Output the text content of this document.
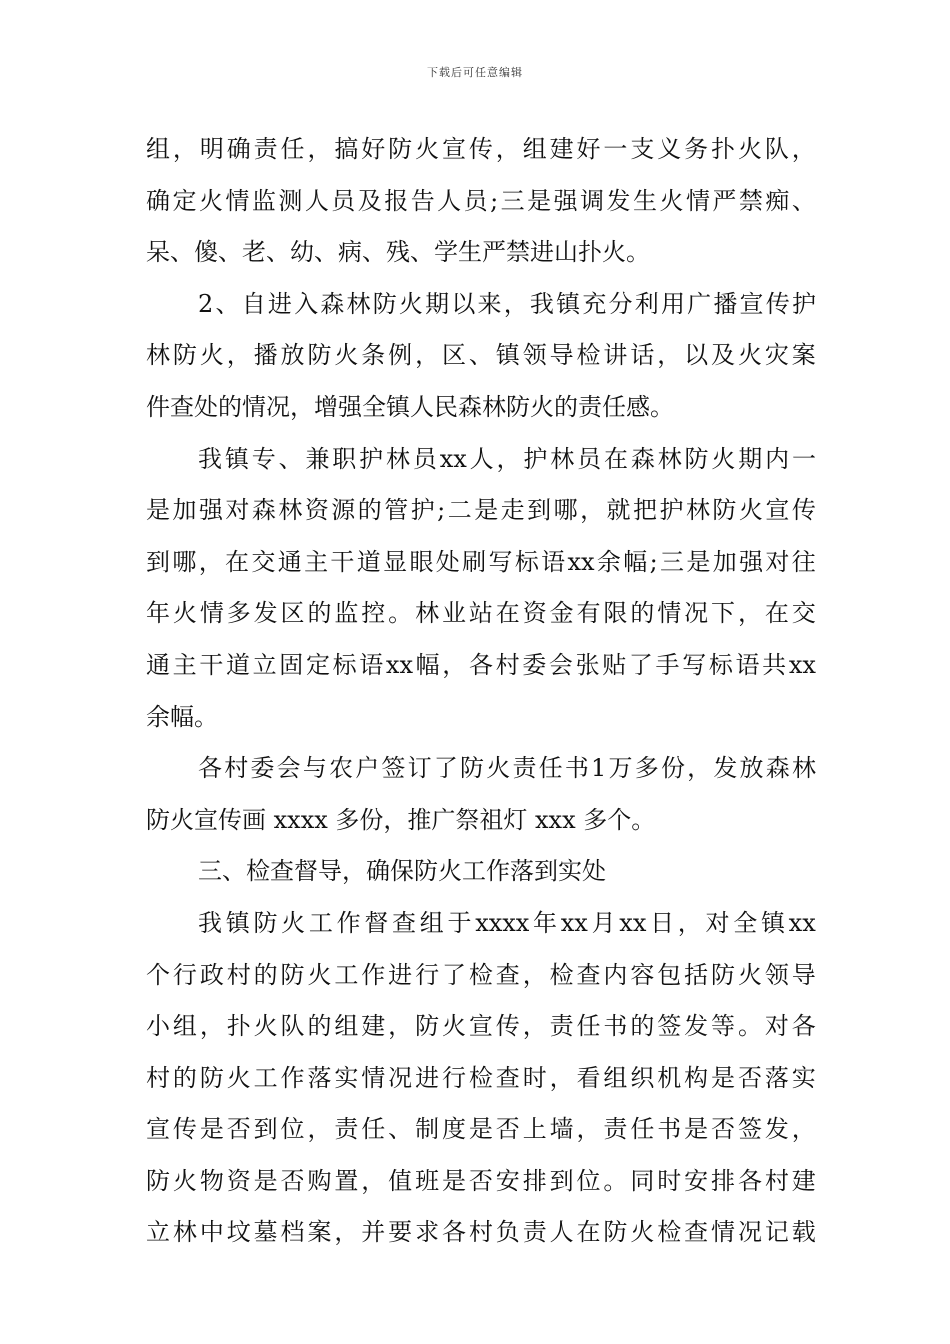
下载后可任意编辑
组 ， 明 确 责 任 ， 搞 好 防 火 宣 传 ， 组 建 好 一 支 义 务 扑 火 队 ，
确 定 火 情 监 测 人 员 及 报 告 人 员 ; 三 是 强 调 发 生 火 情 严 禁 痴 、
呆、傻、老、幼、病、残、学生严禁进山扑火。
2 、 自 进 入 森 林 防 火 期 以 来 ， 我 镇 充 分 利 用 广 播 宣 传 护
林 防 火 ， 播 放 防 火 条 例 ， 区 、 镇 领 导 检 讲 话 ， 以 及 火 灾 案
件查处的情况，增强全镇人民森林防火的责任感。
我 镇 专 、 兼 职 护 林 员 xx 人 ， 护 林 员 在 森 林 防 火 期 内 一
是 加 强 对 森 林 资 源 的 管 护 ; 二 是 走 到 哪 ， 就 把 护 林 防 火 宣 传
到 哪 ， 在 交 通 主 干 道 显 眼 处 刷 写 标 语 xx 余 幅 ; 三 是 加 强 对 往
年 火 情 多 发 区 的 监 控 。 林 业 站 在 资 金 有 限 的 情 况 下 ， 在 交
通 主 干 道 立 固 定 标 语 xx 幅 ， 各 村 委 会 张 贴 了 手 写 标 语 共 xx
余幅。
各 村 委 会 与 农 户 签 订 了 防 火 责 任 书 1 万 多 份 ， 发 放 森 林
防火宣传画 xxxx 多份，推广祭祖灯 xxx 多个。
三、检查督导，确保防火工作落到实处
我 镇 防 火 工 作 督 查 组 于 xxxx 年 xx 月 xx 日 ， 对 全 镇 xx
个 行 政 村 的 防 火 工 作 进 行 了 检 查 ， 检 查 内 容 包 括 防 火 领 导
小 组 ， 扑 火 队 的 组 建 ， 防 火 宣 传 ， 责 任 书 的 签 发 等 。 对 各
村 的 防 火 工 作 落 实 情 况 进 行 检 查 时 ， 看 组 织 机 构 是 否 落 实
宣 传 是 否 到 位 ， 责 任 、 制 度 是 否 上 墙 ， 责 任 书 是 否 签 发 ，
防 火 物 资 是 否 购 置 ， 值 班 是 否 安 排 到 位 。 同 时 安 排 各 村 建
立 林 中 坟 墓 档 案 ， 并 要 求 各 村 负 责 人 在 防 火 检 查 情 况 记 载
